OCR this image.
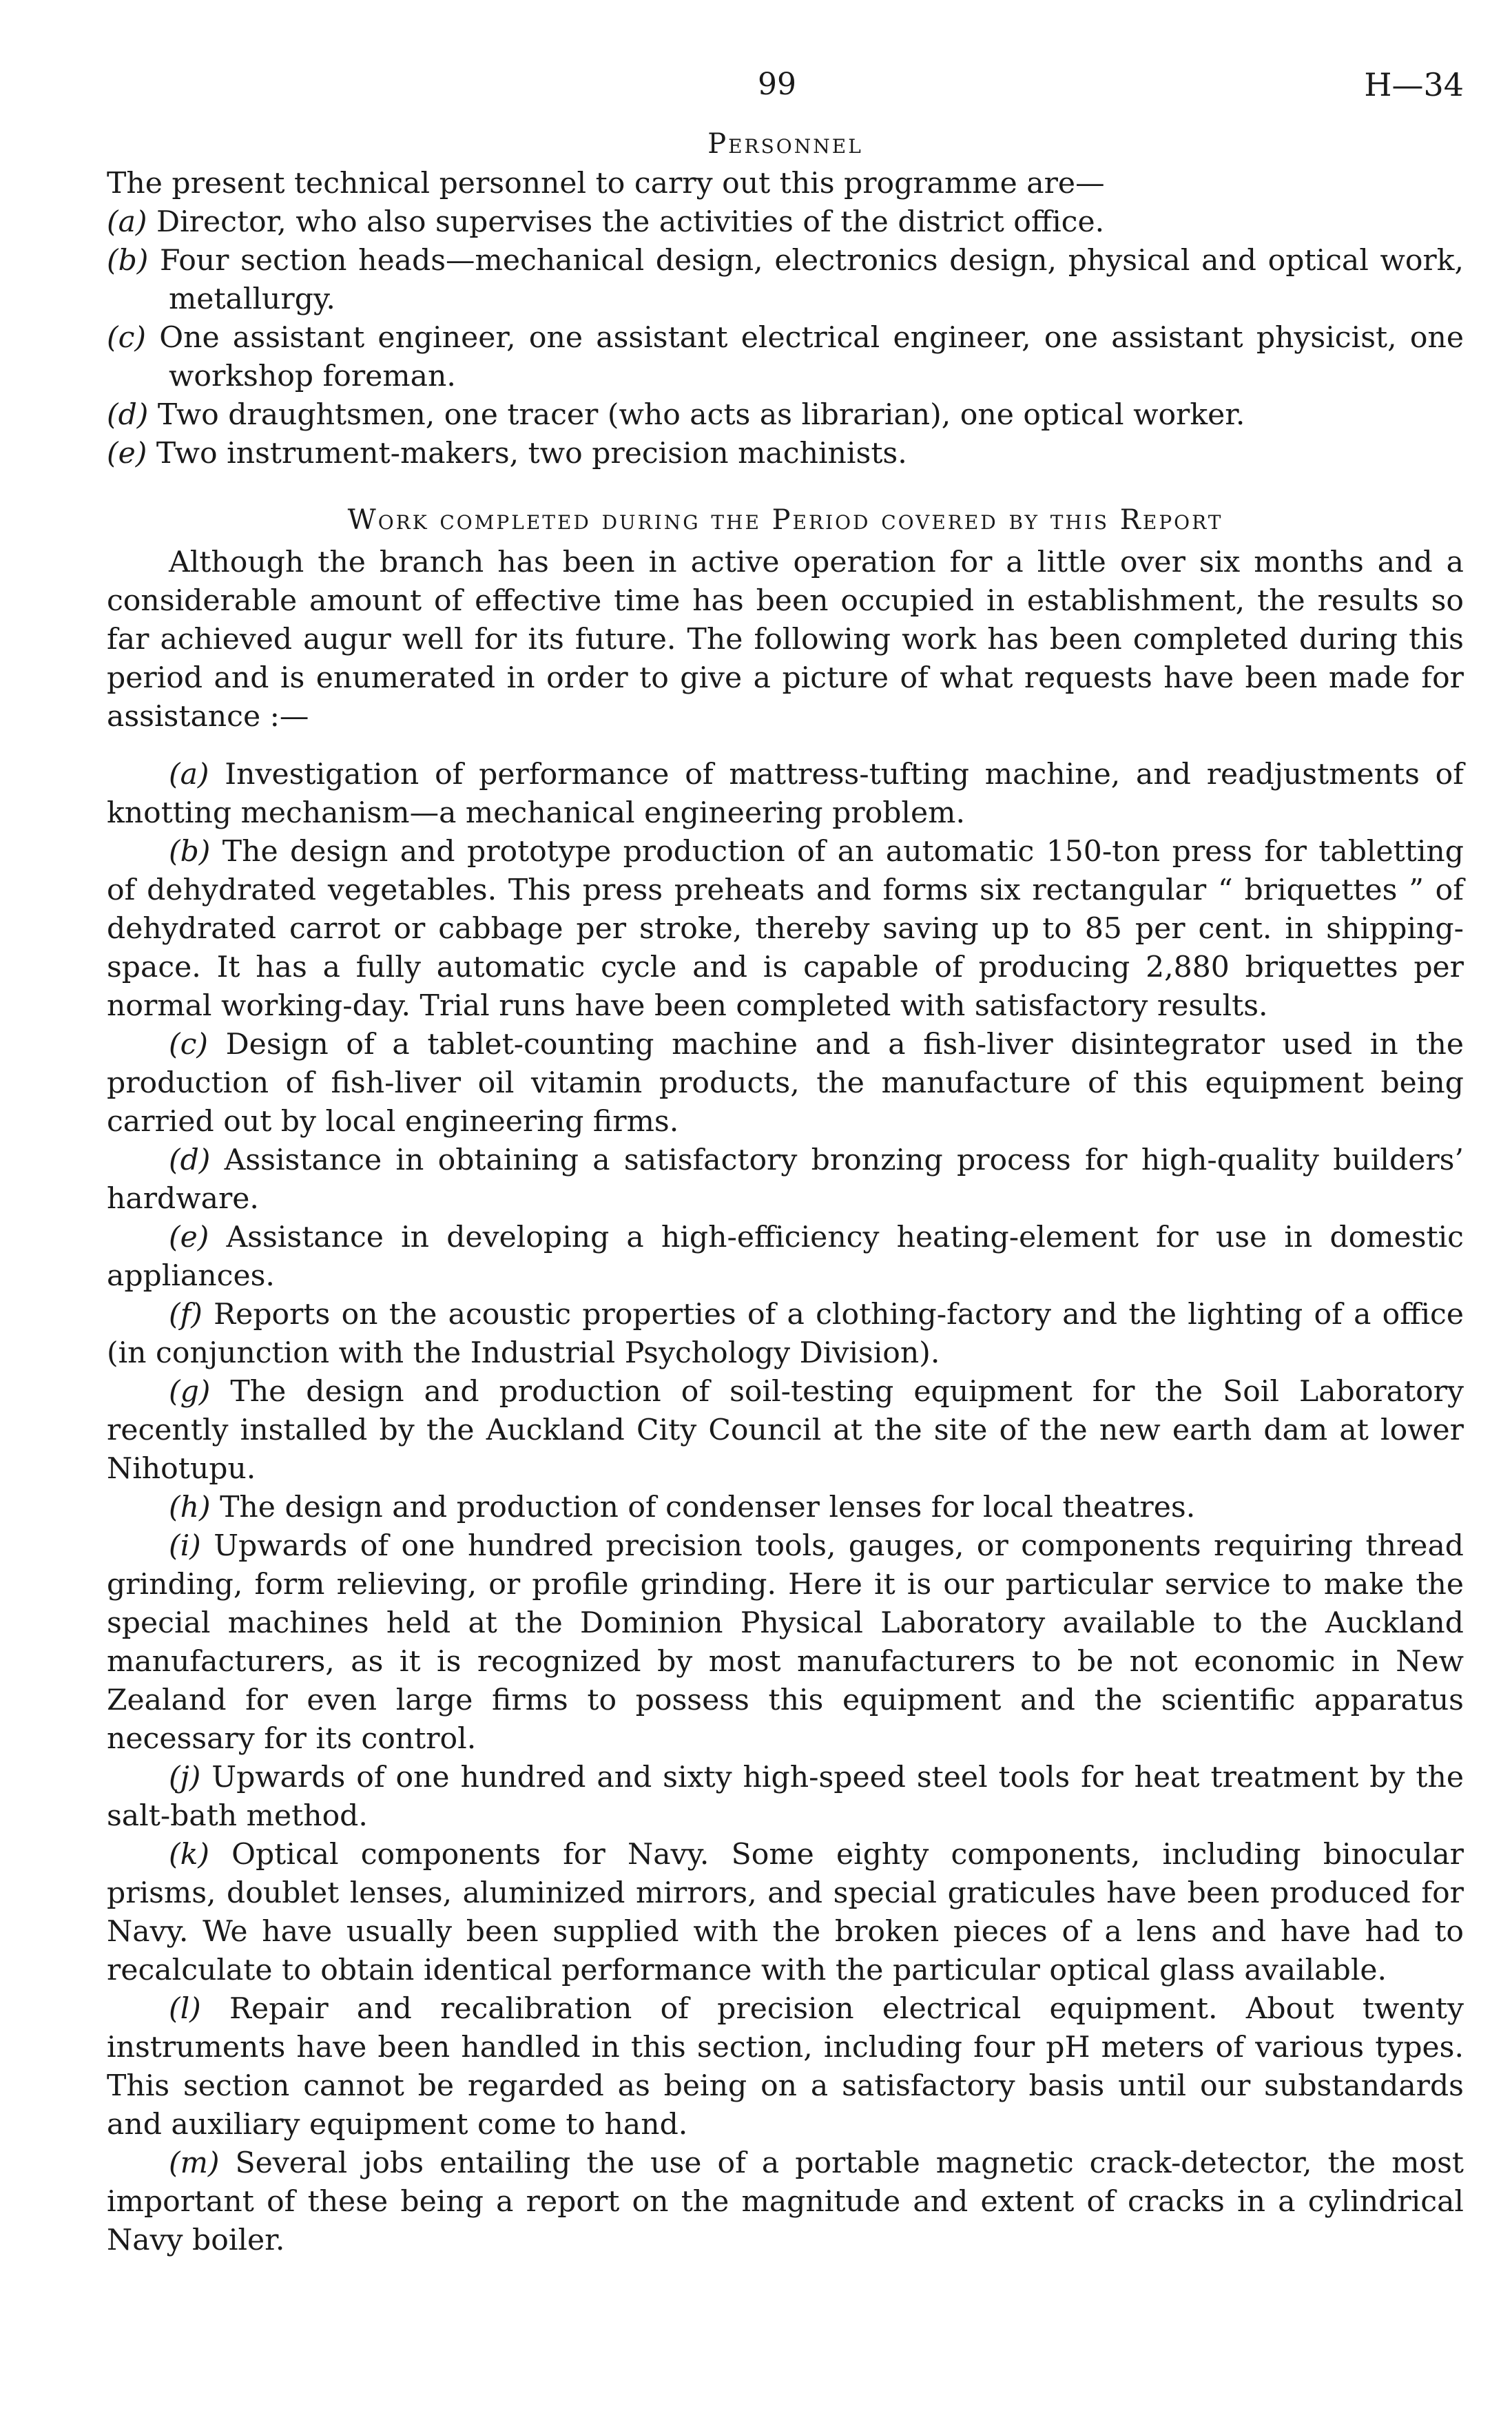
99	H—34
Personnel

The present technical personnel to carry out this programme are—

(a) Director, who also supervises the activities of the district office.

(b) Four section heads—mechanical design, electronics design, physical and optical work, metallurgy.

(c) One assistant engineer, one assistant electrical engineer, one assistant physicist, one workshop foreman.

(d) Two draughtsmen, one tracer (who acts as librarian), one optical worker.

(e) Two instrument-makers, two precision machinists.

Work completed during the Period covered by this Report

Although the branch has been in active operation for a little over six months and a considerable amount of effective time has been occupied in establishment, the results so far achieved augur well for its future. The following work has been completed during this period and is enumerated in order to give a picture of what requests have been made for assistance :—

(a) Investigation of performance of mattress-tufting machine, and readjustments of knotting mechanism—a mechanical engineering problem.

(b) The design and prototype production of an automatic 150-ton press for tabletting of dehydrated vegetables. This press preheats and forms six rectangular “ briquettes ” of dehydrated carrot or cabbage per stroke, thereby saving up to 85 per cent. in shipping-space. It has a fully automatic cycle and is capable of producing 2,880 briquettes per normal working-day. Trial runs have been completed with satisfactory results.

(c) Design of a tablet-counting machine and a fish-liver disintegrator used in the production of fish-liver oil vitamin products, the manufacture of this equipment being carried out by local engineering firms.

(d) Assistance in obtaining a satisfactory bronzing process for high-quality builders’ hardware.

(e) Assistance in developing a high-efficiency heating-element for use in domestic appliances.

(f) Reports on the acoustic properties of a clothing-factory and the lighting of a office (in conjunction with the Industrial Psychology Division).

(g) The design and production of soil-testing equipment for the Soil Laboratory recently installed by the Auckland City Council at the site of the new earth dam at lower Nihotupu.

(h) The design and production of condenser lenses for local theatres.

(i) Upwards of one hundred precision tools, gauges, or components requiring thread grinding, form relieving, or profile grinding. Here it is our particular service to make the special machines held at the Dominion Physical Laboratory available to the Auckland manufacturers, as it is recognized by most manufacturers to be not economic in New Zealand for even large firms to possess this equipment and the scientific apparatus necessary for its control.

(j) Upwards of one hundred and sixty high-speed steel tools for heat treatment by the salt-bath method.

(k) Optical components for Navy. Some eighty components, including binocular prisms, doublet lenses, aluminized mirrors, and special graticules have been produced for Navy. We have usually been supplied with the broken pieces of a lens and have had to recalculate to obtain identical performance with the particular optical glass available.

(l) Repair and recalibration of precision electrical equipment. About twenty instruments have been handled in this section, including four pH meters of various types. This section cannot be regarded as being on a satisfactory basis until our substandards and auxiliary equipment come to hand.

(m) Several jobs entailing the use of a portable magnetic crack-detector, the most important of these being a report on the magnitude and extent of cracks in a cylindrical Navy boiler.
